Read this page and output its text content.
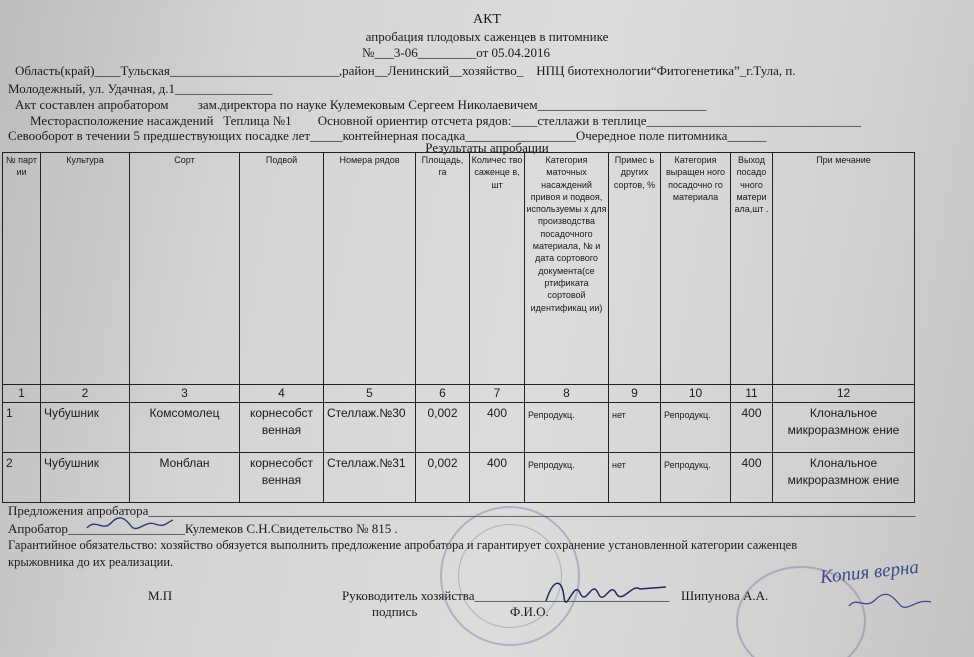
АКТ
апробация плодовых саженцев в питомнике
№___3-06_________от 05.04.2016
Область(край)____Тульская__________________________,район__Ленинский__хозяйство_    НПЦ биотехнологии“Фитогенетика”_г.Тула, п.
Молодежный, ул. Удачная, д.1_______________
Акт составлен апробатором зам.директора по науке Кулемековым Сергеем Николаевичем__________________________
Месторасположение насаждений Теплица №1 Основной ориентир отсчета рядов:____стеллажи в теплице_________________________________
Севооборот в течении 5 предшествующих посадке лет_____контейнерная посадка_________________Очередное поле питомника______
Результаты апробации
№ парт ии	Культура	Сорт	Подвой	Номера рядов	Площадь, га	Количес тво саженце в, шт	Категория маточных насаждений привоя и подвоя, используемы х для производства посадочного материала, № и дата сортового документа(се ртификата сортовой идентификац ии)	Примес ь других сортов, %	Категория выращен ного посадочно го материала	Выход посадо чного матери ала,шт .	При мечание
1	2	3	4	5	6	7	8	9	10	11	12
1	Чубушник	Комсомолец	корнесобст венная	Стеллаж.№30	0,002	400	Репродукц.	нет	Репродукц.	400	Клональное микроразмнож ение
2	Чубушник	Монблан	корнесобст венная	Стеллаж.№31	0,002	400	Репродукц.	нет	Репродукц.	400	Клональное микроразмнож ение
Предложения апробатора______________________________________________________________________________________________________________________
Апробатор__________________Кулемеков С.Н.Свидетельство № 815 .
Гарантийное обязательство: хозяйство обязуется выполнить предложение апробатора и гарантирует сохранение установленной категории саженцев
крыжовника до их реализации.
М.П	Руководитель хозяйства______________________________ Шипунова А.А.
подпись	Ф.И.О.
Копия верна
